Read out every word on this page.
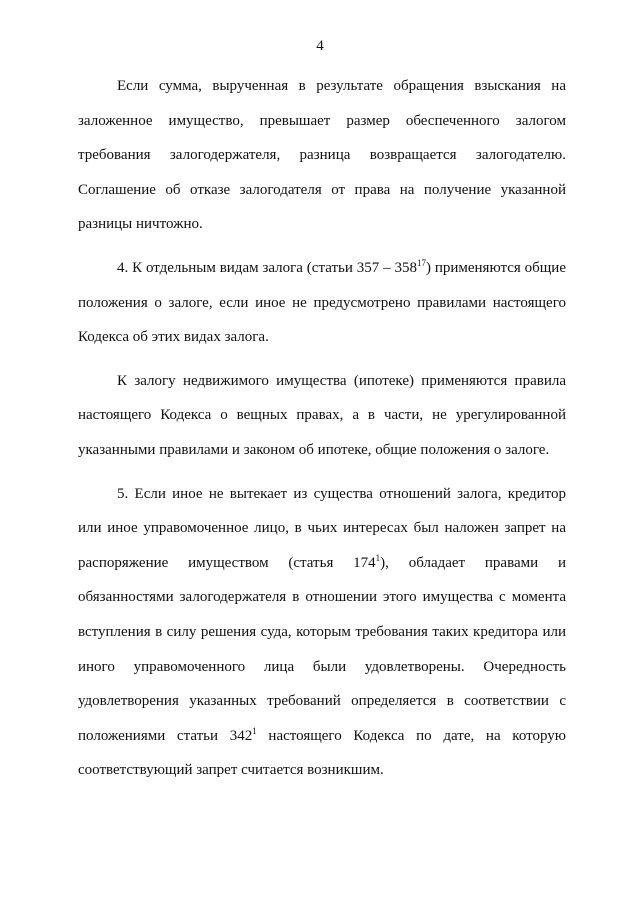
4

Если сумма, вырученная в результате обращения взыскания на заложенное имущество, превышает размер обеспеченного залогом требования залогодержателя, разница возвращается залогодателю. Соглашение об отказе залогодателя от права на получение указанной разницы ничтожно.

4. К отдельным видам залога (статьи $357 - 358^{17}$) применяются общие положения о залоге, если иное не предусмотрено правилами настоящего Кодекса об этих видах залога.

К залогу недвижимого имущества (ипотеке) применяются правила настоящего Кодекса о вещных правах, а в части, не урегулированной указанными правилами и законом об ипотеке, общие положения о залоге.

5. Если иное не вытекает из существа отношений залога, кредитор или иное управомоченное лицо, в чьих интересах был наложен запрет на распоряжение имуществом (статья $174^1$), обладает правами и обязанностями залогодержателя в отношении этого имущества с момента вступления в силу решения суда, которым требования таких кредитора или иного управомоченного лица были удовлетворены. Очередность удовлетворения указанных требований определяется в соответствии с положениями статьи $342^1$ настоящего Кодекса по дате, на которую соответствующий запрет считается возникшим.
